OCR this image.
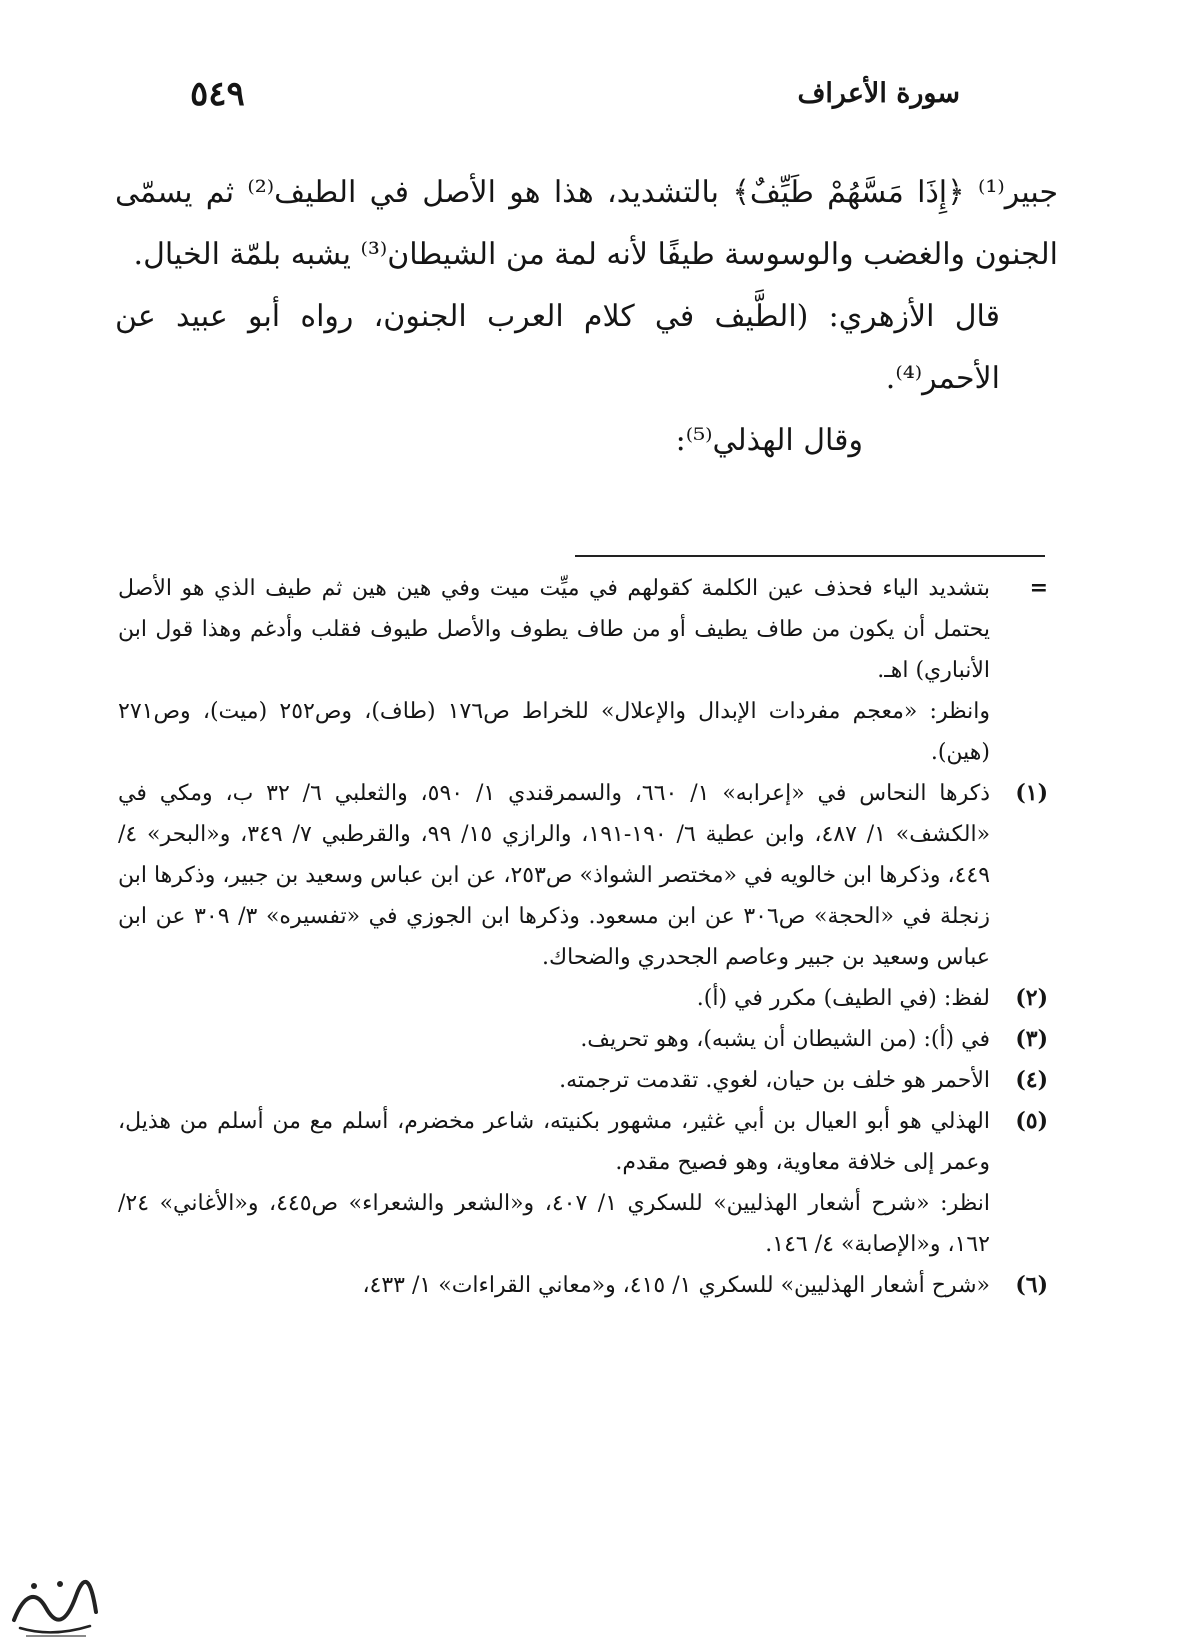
سورة الأعراف
٥٤٩

جبير⁽¹⁾ ﴿إِذَا مَسَّهُمْ طَيِّفٌ﴾ بالتشديد، هذا هو الأصل في الطيف⁽²⁾ ثم يسمّى الجنون والغضب والوسوسة طيفًا لأنه لمة من الشيطان⁽³⁾ يشبه بلمّة الخيال.

قال الأزهري: (الطَّيف في كلام العرب الجنون، رواه أبو عبيد عن الأحمر⁽⁴⁾.

وقال الهذلي⁽⁵⁾:

=

بتشديد الياء فحذف عين الكلمة كقولهم في ميِّت ميت وفي هين هين ثم طيف الذي هو الأصل يحتمل أن يكون من طاف يطيف أو من طاف يطوف والأصل طيوف فقلب وأدغم وهذا قول ابن الأنباري) اهـ.

وانظر: «معجم مفردات الإبدال والإعلال» للخراط ص١٧٦ (طاف)، وص٢٥٢ (ميت)، وص٢٧١ (هين).

(١)

ذكرها النحاس في «إعرابه» ١/ ٦٦٠، والسمرقندي ١/ ٥٩٠، والثعلبي ٦/ ٣٢ ب، ومكي في «الكشف» ١/ ٤٨٧، وابن عطية ٦/ ١٩٠-١٩١، والرازي ١٥/ ٩٩، والقرطبي ٧/ ٣٤٩، و«البحر» ٤/ ٤٤٩، وذكرها ابن خالويه في «مختصر الشواذ» ص٢٥٣، عن ابن عباس وسعيد بن جبير، وذكرها ابن زنجلة في «الحجة» ص٣٠٦ عن ابن مسعود. وذكرها ابن الجوزي في «تفسيره» ٣/ ٣٠٩ عن ابن عباس وسعيد بن جبير وعاصم الجحدري والضحاك.

(٢)

لفظ: (في الطيف) مكرر في (أ).

(٣)

في (أ): (من الشيطان أن يشبه)، وهو تحريف.

(٤)

الأحمر هو خلف بن حيان، لغوي. تقدمت ترجمته.

(٥)

الهذلي هو أبو العيال بن أبي غثير، مشهور بكنيته، شاعر مخضرم، أسلم مع من أسلم من هذيل، وعمر إلى خلافة معاوية، وهو فصيح مقدم.

انظر: «شرح أشعار الهذليين» للسكري ١/ ٤٠٧، و«الشعر والشعراء» ص٤٤٥، و«الأغاني» ٢٤/ ١٦٢، و«الإصابة» ٤/ ١٤٦.

(٦)

«شرح أشعار الهذليين» للسكري ١/ ٤١٥، و«معاني القراءات» ١/ ٤٣٣،
